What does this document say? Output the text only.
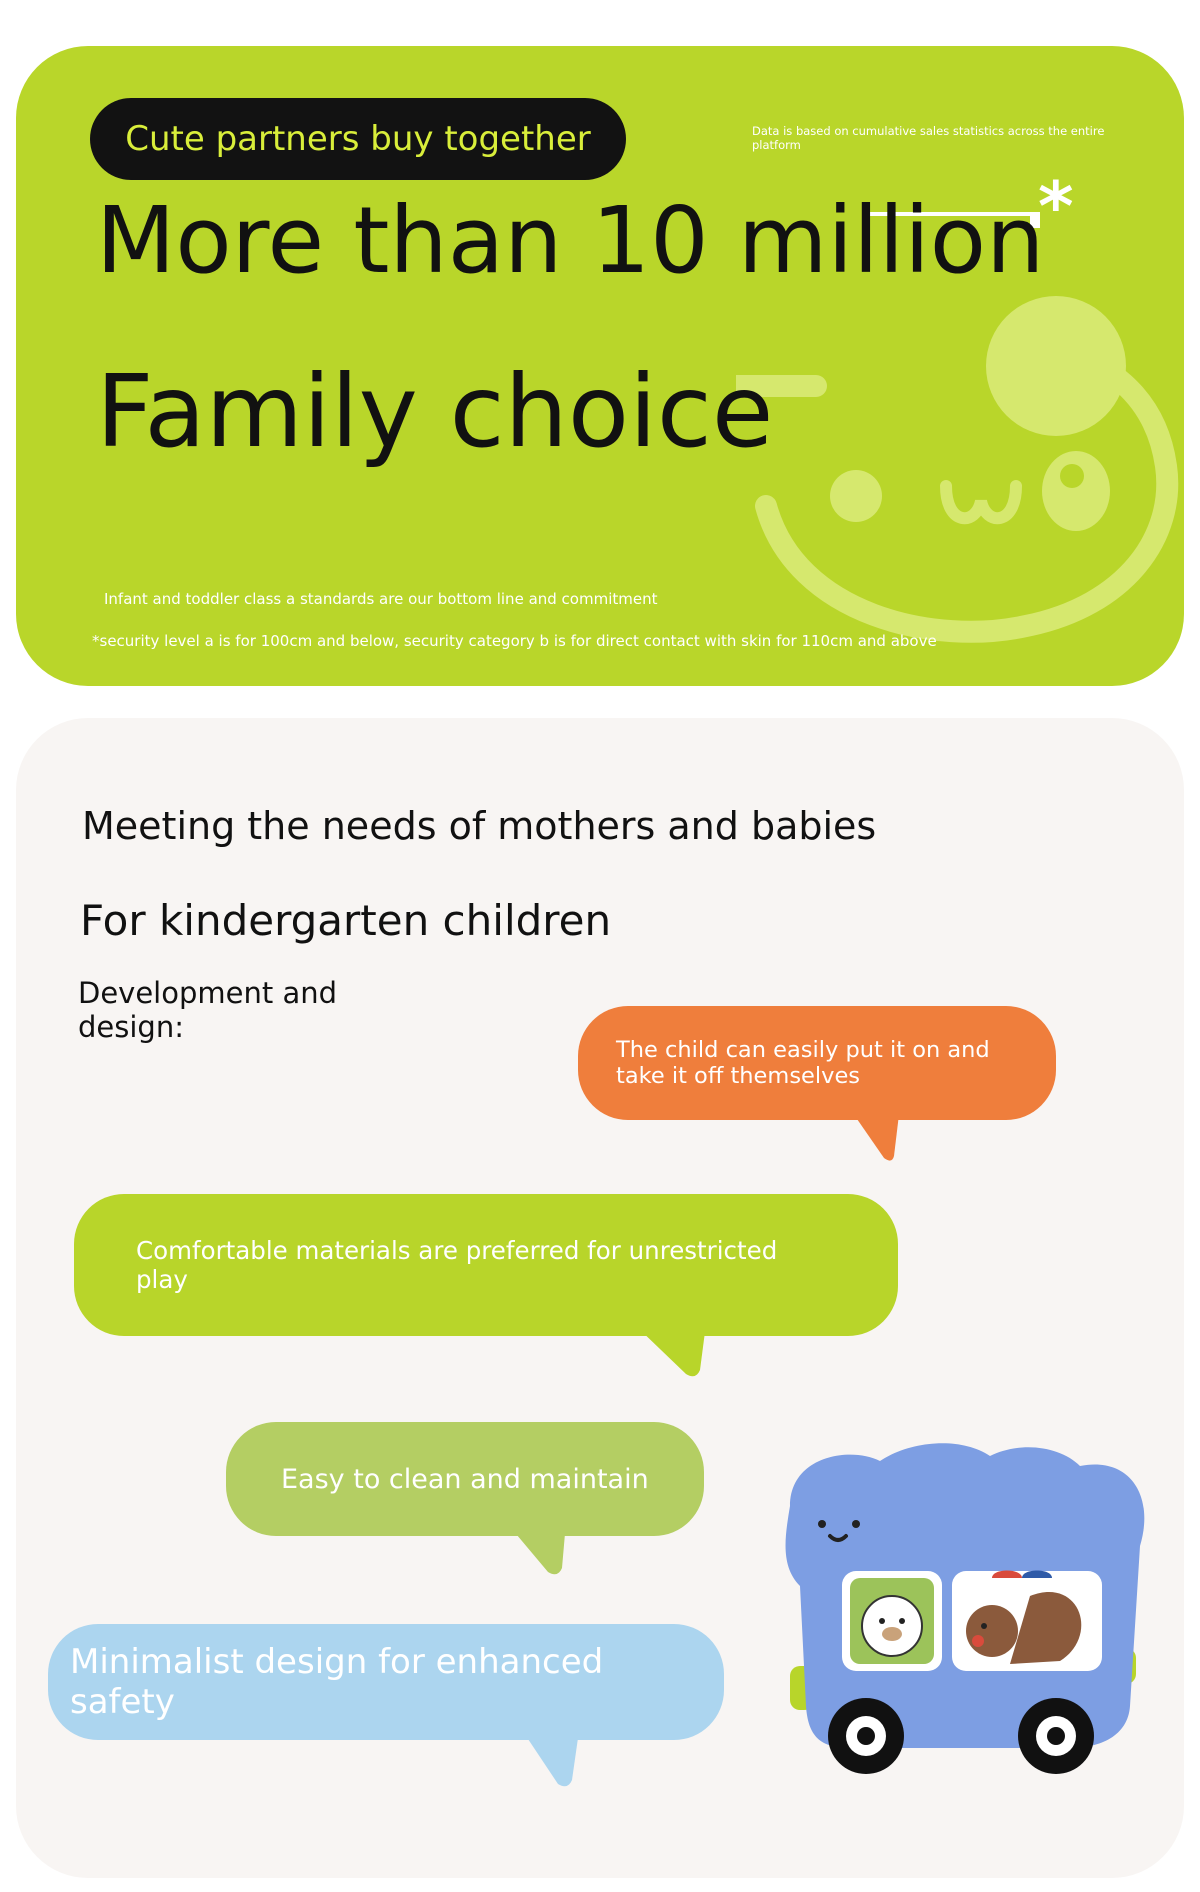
Cute partners buy together	Data is based on cumulative sales statistics across the entire platform
*
Infant and toddler class a standards are our bottom line and commitment
*security level a is for 100cm and below, security category b is for direct contact with skin for 110cm and above
More than 10 million
Family choice
Meeting the needs of mothers and babies
For kindergarten children
Development and design:
The child can easily put it on and take it off themselves
Comfortable materials are preferred for unrestricted play
Easy to clean and maintain
Minimalist design for enhanced safety
